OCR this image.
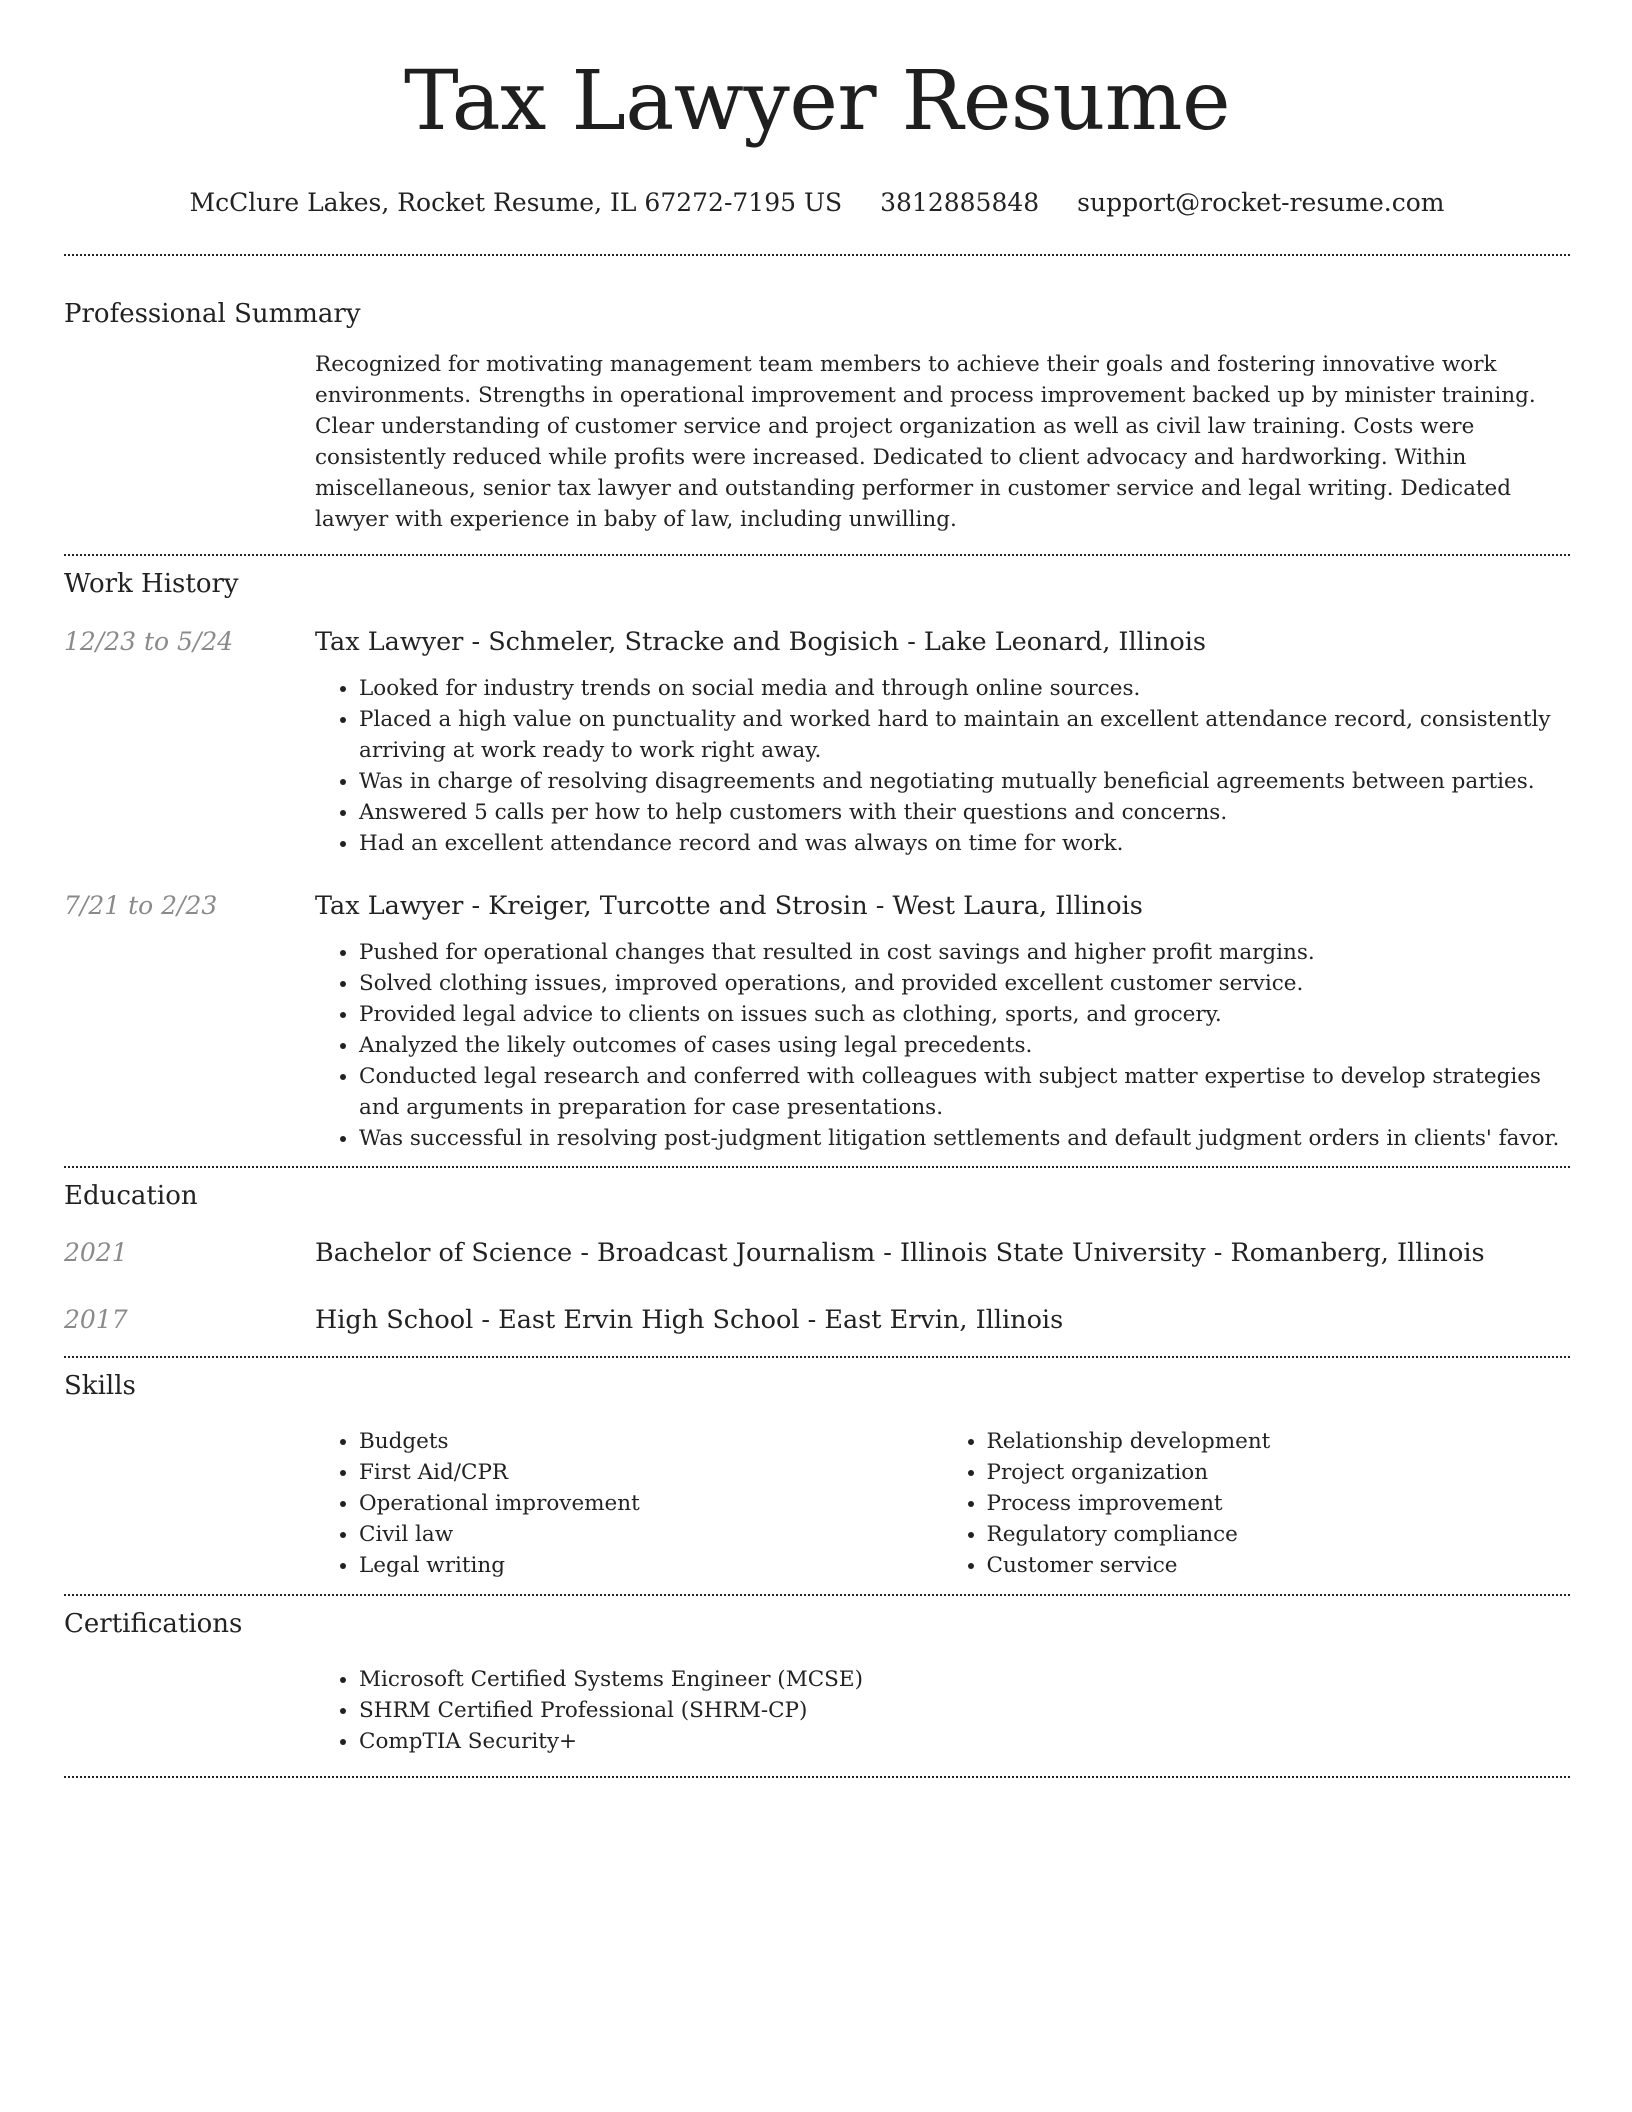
Tax Lawyer Resume
McClure Lakes, Rocket Resume, IL 67272-7195 US 3812885848 support@rocket-resume.com
Professional Summary

Recognized for motivating management team members to achieve their goals and fostering innovative work environments. Strengths in operational improvement and process improvement backed up by minister training. Clear understanding of customer service and project organization as well as civil law training. Costs were consistently reduced while profits were increased. Dedicated to client advocacy and hardworking. Within miscellaneous, senior tax lawyer and outstanding performer in customer service and legal writing. Dedicated lawyer with experience in baby of law, including unwilling.

Work History
12/23 to 5/24	Tax Lawyer - Schmeler, Stracke and Bogisich - Lake Leonard, Illinois
• Looked for industry trends on social media and through online sources.
• Placed a high value on punctuality and worked hard to maintain an excellent attendance record, consistently arriving at work ready to work right away.
• Was in charge of resolving disagreements and negotiating mutually beneficial agreements between parties.
• Answered 5 calls per how to help customers with their questions and concerns.
• Had an excellent attendance record and was always on time for work.
7/21 to 2/23	Tax Lawyer - Kreiger, Turcotte and Strosin - West Laura, Illinois
• Pushed for operational changes that resulted in cost savings and higher profit margins.
• Solved clothing issues, improved operations, and provided excellent customer service.
• Provided legal advice to clients on issues such as clothing, sports, and grocery.
• Analyzed the likely outcomes of cases using legal precedents.
• Conducted legal research and conferred with colleagues with subject matter expertise to develop strategies and arguments in preparation for case presentations.
• Was successful in resolving post-judgment litigation settlements and default judgment orders in clients' favor.
Education
2021	Bachelor of Science - Broadcast Journalism - Illinois State University - Romanberg, Illinois
2017	High School - East Ervin High School - East Ervin, Illinois
Skills
• Budgets
• First Aid/CPR
• Operational improvement
• Civil law
• Legal writing
• Relationship development
• Project organization
• Process improvement
• Regulatory compliance
• Customer service
Certifications
• Microsoft Certified Systems Engineer (MCSE)
• SHRM Certified Professional (SHRM-CP)
• CompTIA Security+
